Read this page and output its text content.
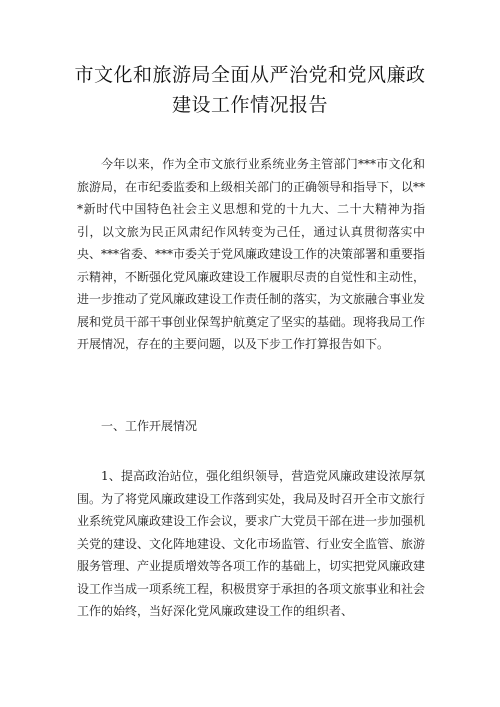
市文化和旅游局全面从严治党和党风廉政
建设工作情况报告
今年以来，作为全市文旅行业系统业务主管部门***市文化和旅游局，在市纪委监委和上级相关部门的正确领导和指导下，以***新时代中国特色社会主义思想和党的十九大、二十大精神为指引，以文旅为民正风肃纪作风转变为己任，通过认真贯彻落实中央、***省委、***市委关于党风廉政建设工作的决策部署和重要指示精神，不断强化党风廉政建设工作履职尽责的自觉性和主动性，进一步推动了党风廉政建设工作责任制的落实，为文旅融合事业发展和党员干部干事创业保驾护航奠定了坚实的基础。现将我局工作开展情况，存在的主要问题，以及下步工作打算报告如下。
一、工作开展情况
1、提高政治站位，强化组织领导，营造党风廉政建设浓厚氛围。为了将党风廉政建设工作落到实处，我局及时召开全市文旅行业系统党风廉政建设工作会议，要求广大党员干部在进一步加强机关党的建设、文化阵地建设、文化市场监管、行业安全监管、旅游服务管理、产业提质增效等各项工作的基础上，切实把党风廉政建设工作当成一项系统工程，积极贯穿于承担的各项文旅事业和社会工作的始终，当好深化党风廉政建设工作的组织者、
